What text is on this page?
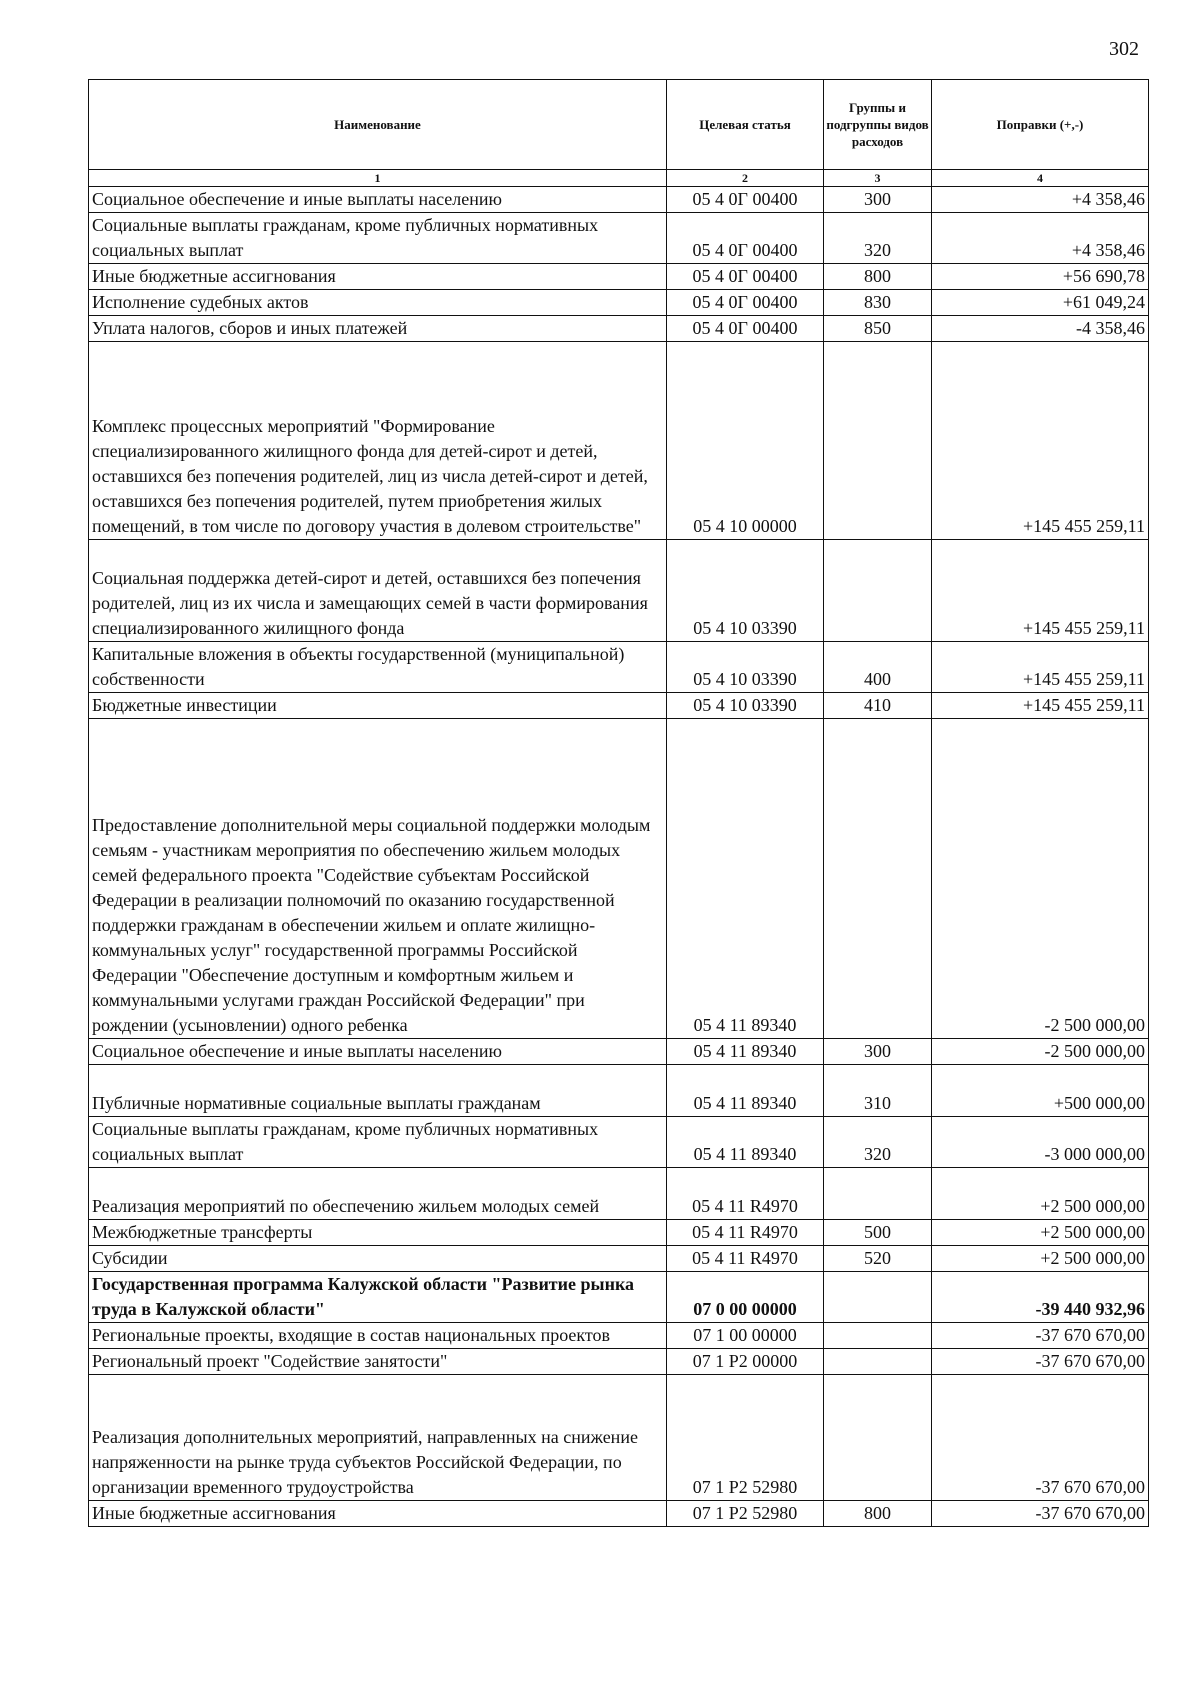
302
Наименование	Целевая статья	Группы и подгруппы видов расходов	Поправки (+,-)
1	2	3	4
Социальное обеспечение и иные выплаты населению	05 4 0Г 00400	300	+4 358,46
Социальные выплаты гражданам, кроме публичных нормативных социальных выплат	05 4 0Г 00400	320	+4 358,46
Иные бюджетные ассигнования	05 4 0Г 00400	800	+56 690,78
Исполнение судебных актов	05 4 0Г 00400	830	+61 049,24
Уплата налогов, сборов и иных платежей	05 4 0Г 00400	850	-4 358,46
Комплекс процессных мероприятий "Формирование специализированного жилищного фонда для детей-сирот и детей, оставшихся без попечения родителей, лиц из числа детей-сирот и детей, оставшихся без попечения родителей, путем приобретения жилых помещений, в том числе по договору участия в долевом строительстве"	05 4 10 00000		+145 455 259,11
Социальная поддержка детей-сирот и детей, оставшихся без попечения родителей, лиц из их числа и замещающих семей в части формирования специализированного жилищного фонда	05 4 10 03390		+145 455 259,11
Капитальные вложения в объекты государственной (муниципальной) собственности	05 4 10 03390	400	+145 455 259,11
Бюджетные инвестиции	05 4 10 03390	410	+145 455 259,11
Предоставление дополнительной меры социальной поддержки молодым семьям - участникам мероприятия по обеспечению жильем молодых семей федерального проекта "Содействие субъектам Российской Федерации в реализации полномочий по оказанию государственной поддержки гражданам в обеспечении жильем и оплате жилищно-коммунальных услуг" государственной программы Российской Федерации "Обеспечение доступным и комфортным жильем и коммунальными услугами граждан Российской Федерации" при рождении (усыновлении) одного ребенка	05 4 11 89340		-2 500 000,00
Социальное обеспечение и иные выплаты населению	05 4 11 89340	300	-2 500 000,00
Публичные нормативные социальные выплаты гражданам	05 4 11 89340	310	+500 000,00
Социальные выплаты гражданам, кроме публичных нормативных социальных выплат	05 4 11 89340	320	-3 000 000,00
Реализация мероприятий по обеспечению жильем молодых семей	05 4 11 R4970		+2 500 000,00
Межбюджетные трансферты	05 4 11 R4970	500	+2 500 000,00
Субсидии	05 4 11 R4970	520	+2 500 000,00
Государственная программа Калужской области "Развитие рынка труда в Калужской области"	07 0 00 00000		-39 440 932,96
Региональные проекты, входящие в состав национальных проектов	07 1 00 00000		-37 670 670,00
Региональный проект "Содействие занятости"	07 1 P2 00000		-37 670 670,00
Реализация дополнительных мероприятий, направленных на снижение напряженности на рынке труда субъектов Российской Федерации, по организации временного трудоустройства	07 1 P2 52980		-37 670 670,00
Иные бюджетные ассигнования	07 1 P2 52980	800	-37 670 670,00
